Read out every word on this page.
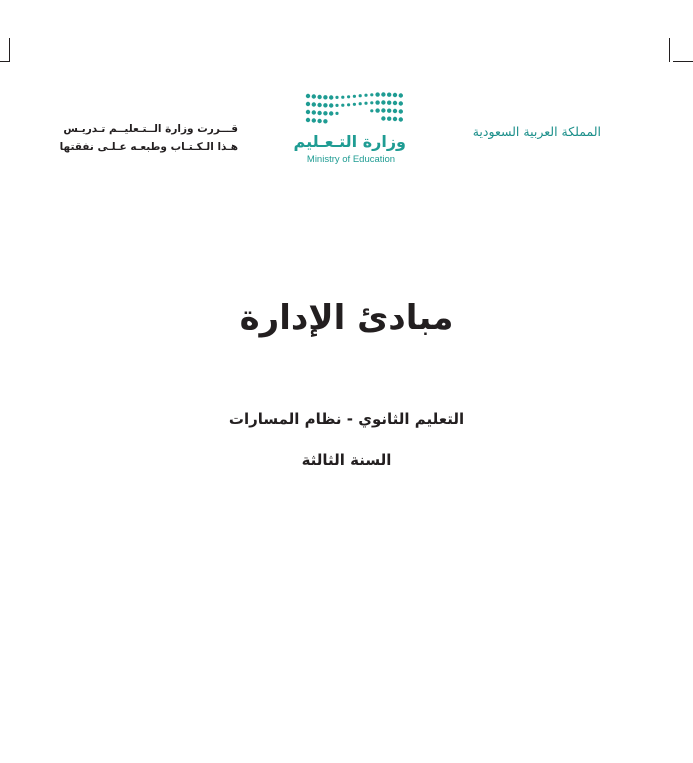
المملكة العربية السعودية
قـــررت وزارة الــتـعليــم تـدريـس
هـذا الـكـتـاب وطبعـه عـلـى نفقتها	وزارة التـعـليم
Ministry of Education
مبادئ الإدارة
التعليم الثانوي - نظام المسارات
السنة الثالثة
